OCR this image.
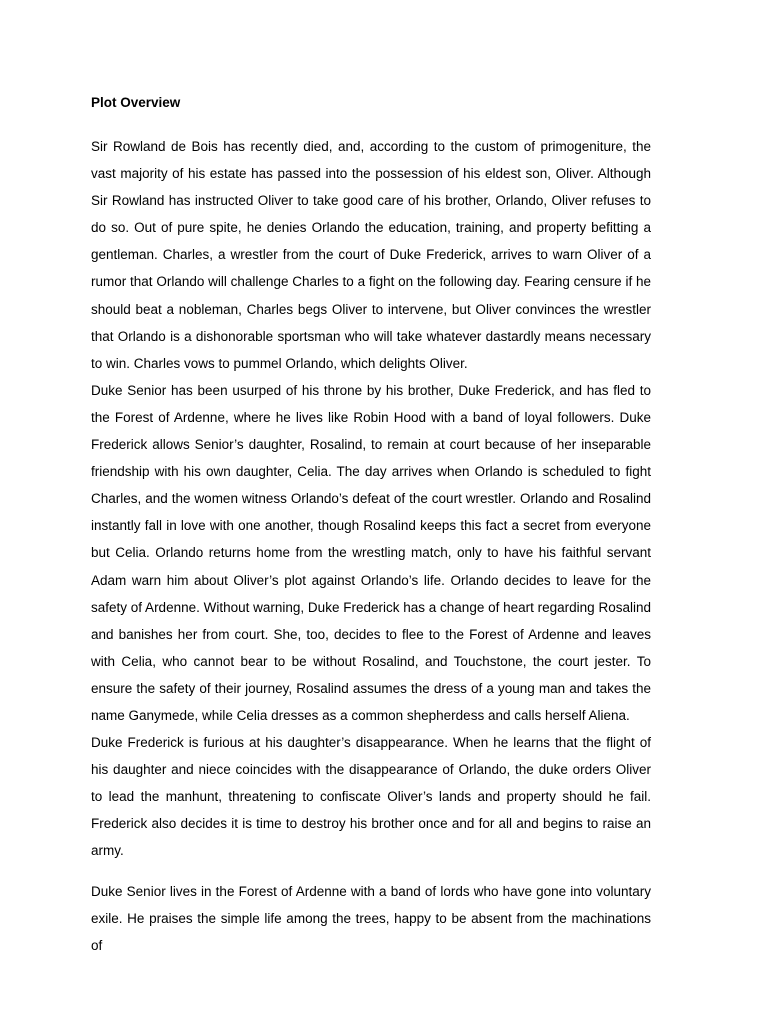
Plot Overview

Sir Rowland de Bois has recently died, and, according to the custom of primogeniture, the vast majority of his estate has passed into the possession of his eldest son, Oliver. Although Sir Rowland has instructed Oliver to take good care of his brother, Orlando, Oliver refuses to do so. Out of pure spite, he denies Orlando the education, training, and property befitting a gentleman. Charles, a wrestler from the court of Duke Frederick, arrives to warn Oliver of a rumor that Orlando will challenge Charles to a fight on the following day. Fearing censure if he should beat a nobleman, Charles begs Oliver to intervene, but Oliver convinces the wrestler that Orlando is a dishonorable sportsman who will take whatever dastardly means necessary to win. Charles vows to pummel Orlando, which delights Oliver.

Duke Senior has been usurped of his throne by his brother, Duke Frederick, and has fled to the Forest of Ardenne, where he lives like Robin Hood with a band of loyal followers. Duke Frederick allows Senior’s daughter, Rosalind, to remain at court because of her inseparable friendship with his own daughter, Celia. The day arrives when Orlando is scheduled to fight Charles, and the women witness Orlando’s defeat of the court wrestler. Orlando and Rosalind instantly fall in love with one another, though Rosalind keeps this fact a secret from everyone but Celia. Orlando returns home from the wrestling match, only to have his faithful servant Adam warn him about Oliver’s plot against Orlando’s life. Orlando decides to leave for the safety of Ardenne. Without warning, Duke Frederick has a change of heart regarding Rosalind and banishes her from court. She, too, decides to flee to the Forest of Ardenne and leaves with Celia, who cannot bear to be without Rosalind, and Touchstone, the court jester. To ensure the safety of their journey, Rosalind assumes the dress of a young man and takes the name Ganymede, while Celia dresses as a common shepherdess and calls herself Aliena.

Duke Frederick is furious at his daughter’s disappearance. When he learns that the flight of his daughter and niece coincides with the disappearance of Orlando, the duke orders Oliver to lead the manhunt, threatening to confiscate Oliver’s lands and property should he fail. Frederick also decides it is time to destroy his brother once and for all and begins to raise an army.

Duke Senior lives in the Forest of Ardenne with a band of lords who have gone into voluntary exile. He praises the simple life among the trees, happy to be absent from the machinations of
